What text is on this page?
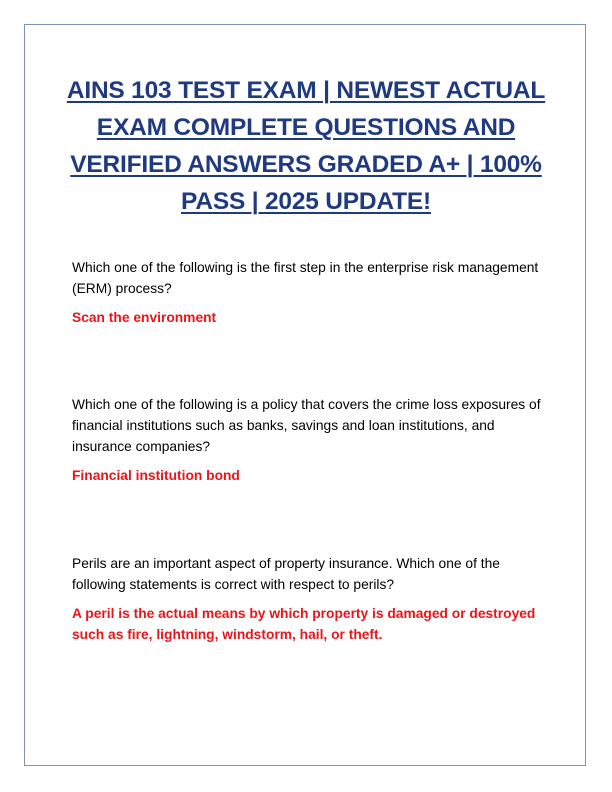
AINS 103 TEST EXAM | NEWEST ACTUAL EXAM COMPLETE QUESTIONS AND VERIFIED ANSWERS GRADED A+ | 100% PASS | 2025 UPDATE!

Which one of the following is the first step in the enterprise risk management (ERM) process?

Scan the environment

Which one of the following is a policy that covers the crime loss exposures of financial institutions such as banks, savings and loan institutions, and insurance companies?

Financial institution bond

Perils are an important aspect of property insurance. Which one of the following statements is correct with respect to perils?

A peril is the actual means by which property is damaged or destroyed such as fire, lightning, windstorm, hail, or theft.
